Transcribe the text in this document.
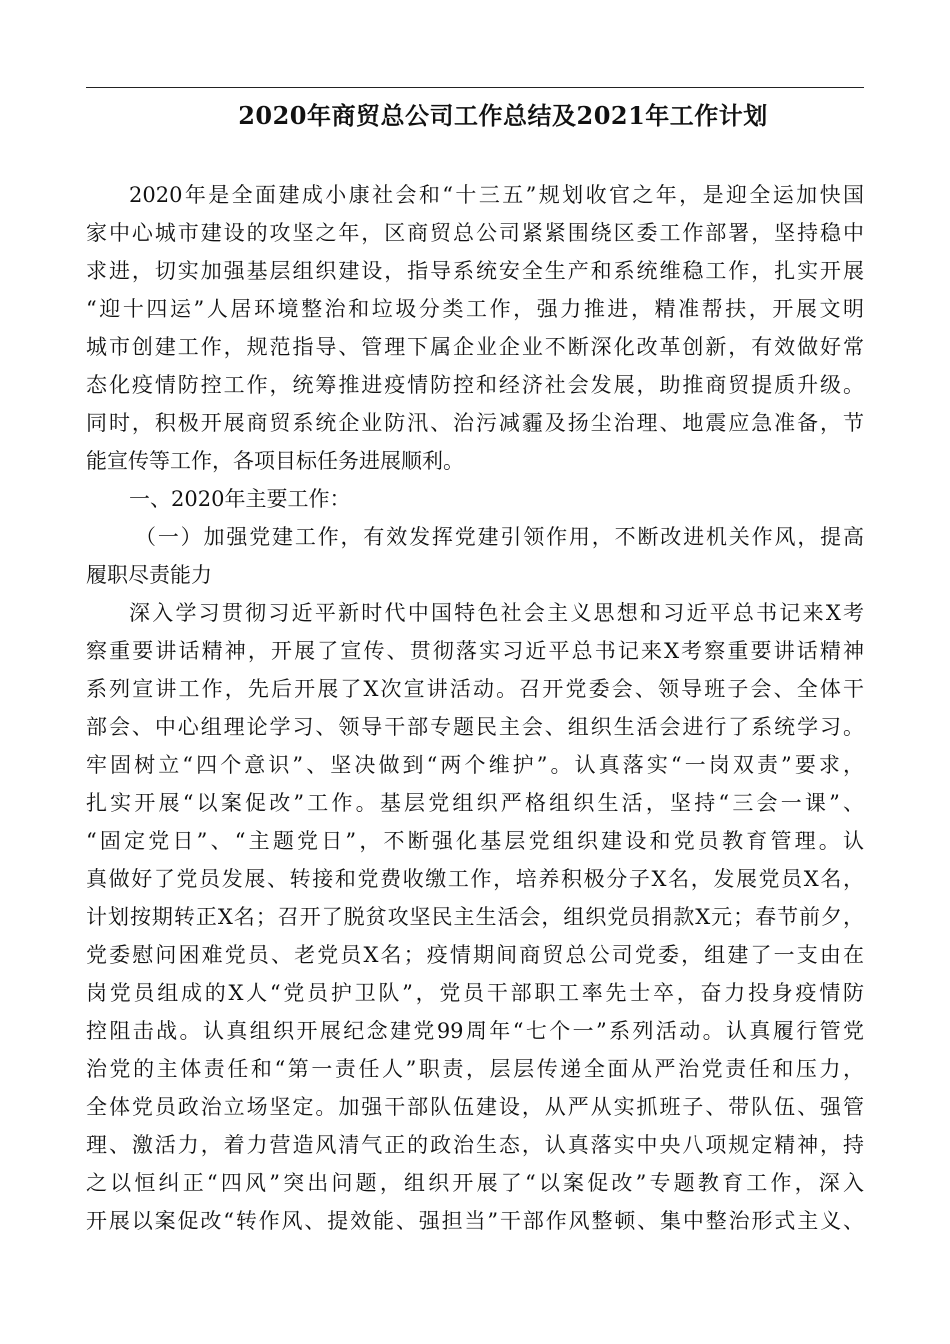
2020年商贸总公司工作总结及2021年工作计划
2020年是全面建成小康社会和“十三五”规划收官之年，是迎全运加快国
家中心城市建设的攻坚之年，区商贸总公司紧紧围绕区委工作部署，坚持稳中
求进，切实加强基层组织建设，指导系统安全生产和系统维稳工作，扎实开展
“迎十四运”人居环境整治和垃圾分类工作，强力推进，精准帮扶，开展文明
城市创建工作，规范指导、管理下属企业企业不断深化改革创新，有效做好常
态化疫情防控工作，统筹推进疫情防控和经济社会发展，助推商贸提质升级。
同时，积极开展商贸系统企业防汛、治污减霾及扬尘治理、地震应急准备，节
能宣传等工作，各项目标任务进展顺利。
一、2020年主要工作：
（一）加强党建工作，有效发挥党建引领作用，不断改进机关作风，提高
履职尽责能力
深入学习贯彻习近平新时代中国特色社会主义思想和习近平总书记来X考
察重要讲话精神，开展了宣传、贯彻落实习近平总书记来X考察重要讲话精神
系列宣讲工作，先后开展了X次宣讲活动。召开党委会、领导班子会、全体干
部会、中心组理论学习、领导干部专题民主会、组织生活会进行了系统学习。
牢固树立“四个意识”、坚决做到“两个维护”。认真落实“一岗双责”要求，
扎实开展“以案促改”工作。基层党组织严格组织生活，坚持“三会一课”、
“固定党日”、“主题党日”，不断强化基层党组织建设和党员教育管理。认
真做好了党员发展、转接和党费收缴工作，培养积极分子X名，发展党员X名，
计划按期转正X名；召开了脱贫攻坚民主生活会，组织党员捐款X元；春节前夕，
党委慰问困难党员、老党员X名；疫情期间商贸总公司党委，组建了一支由在
岗党员组成的X人“党员护卫队”，党员干部职工率先士卒，奋力投身疫情防
控阻击战。认真组织开展纪念建党99周年“七个一”系列活动。认真履行管党
治党的主体责任和“第一责任人”职责，层层传递全面从严治党责任和压力，
全体党员政治立场坚定。加强干部队伍建设，从严从实抓班子、带队伍、强管
理、激活力，着力营造风清气正的政治生态，认真落实中央八项规定精神，持
之以恒纠正“四风”突出问题，组织开展了“以案促改”专题教育工作，深入
开展以案促改“转作风、提效能、强担当”干部作风整顿、集中整治形式主义、
